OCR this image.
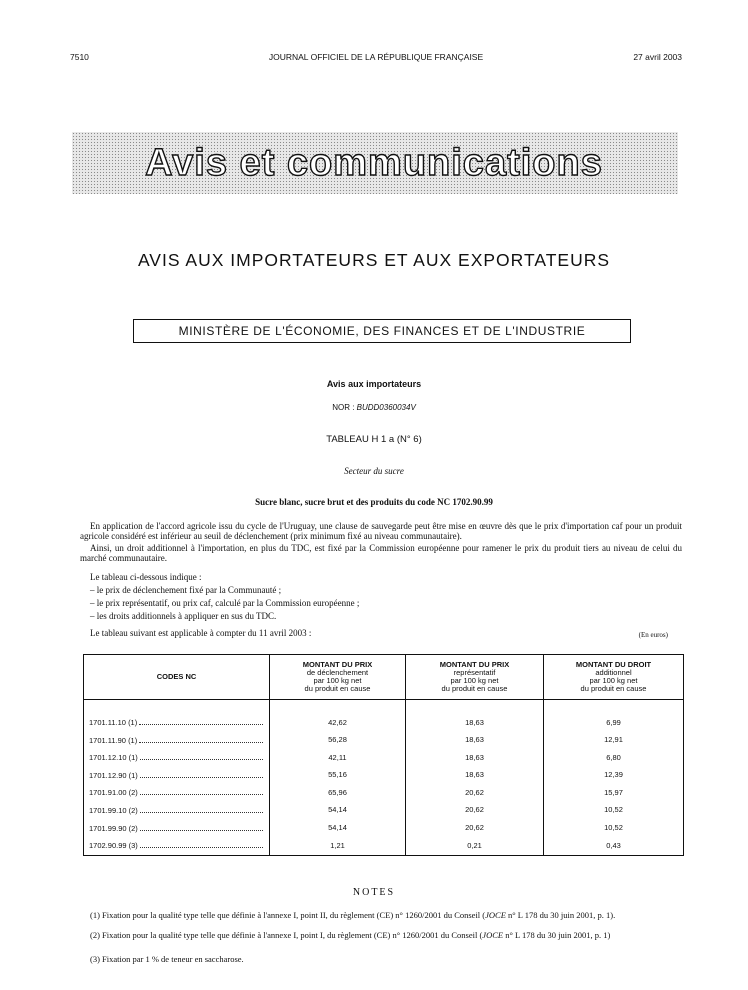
7510	JOURNAL OFFICIEL DE LA RÉPUBLIQUE FRANÇAISE	27 avril 2003
Avis et communications
AVIS AUX IMPORTATEURS ET AUX EXPORTATEURS
MINISTÈRE DE L'ÉCONOMIE, DES FINANCES ET DE L'INDUSTRIE
Avis aux importateurs
NOR : BUDD0360034V
TABLEAU H 1 a (N° 6)
Secteur du sucre
Sucre blanc, sucre brut et des produits du code NC 1702.90.99
En application de l'accord agricole issu du cycle de l'Uruguay, une clause de sauvegarde peut être mise en œuvre dès que le prix d'importation caf pour un produit agricole considéré est inférieur au seuil de déclenchement (prix minimum fixé au niveau communautaire).
Ainsi, un droit additionnel à l'importation, en plus du TDC, est fixé par la Commission européenne pour ramener le prix du produit tiers au niveau de celui du marché communautaire.
Le tableau ci-dessous indique :
– le prix de déclenchement fixé par la Communauté ;
– le prix représentatif, ou prix caf, calculé par la Commission européenne ;
– les droits additionnels à appliquer en sus du TDC.
Le tableau suivant est applicable à compter du 11 avril 2003 :	(En euros)
CODES NC	MONTANT DU PRIX
de déclenchement
par 100 kg net
du produit en cause	MONTANT DU PRIX
représentatif
par 100 kg net
du produit en cause	MONTANT DU DROIT
additionnel
par 100 kg net
du produit en cause

1701.11.10 (1)	42,62	18,63	6,99

1701.11.90 (1)	56,28	18,63	12,91

1701.12.10 (1)	42,11	18,63	6,80

1701.12.90 (1)	55,16	18,63	12,39

1701.91.00 (2)	65,96	20,62	15,97

1701.99.10 (2)	54,14	20,62	10,52

1701.99.90 (2)	54,14	20,62	10,52

1702.90.99 (3)	1,21	0,21	0,43
NOTES
(1) Fixation pour la qualité type telle que définie à l'annexe I, point II, du règlement (CE) n° 1260/2001 du Conseil (JOCE n° L 178 du 30 juin 2001, p. 1).
(2) Fixation pour la qualité type telle que définie à l'annexe I, point I, du règlement (CE) n° 1260/2001 du Conseil (JOCE n° L 178 du 30 juin 2001, p. 1)
(3) Fixation par 1 % de teneur en saccharose.
